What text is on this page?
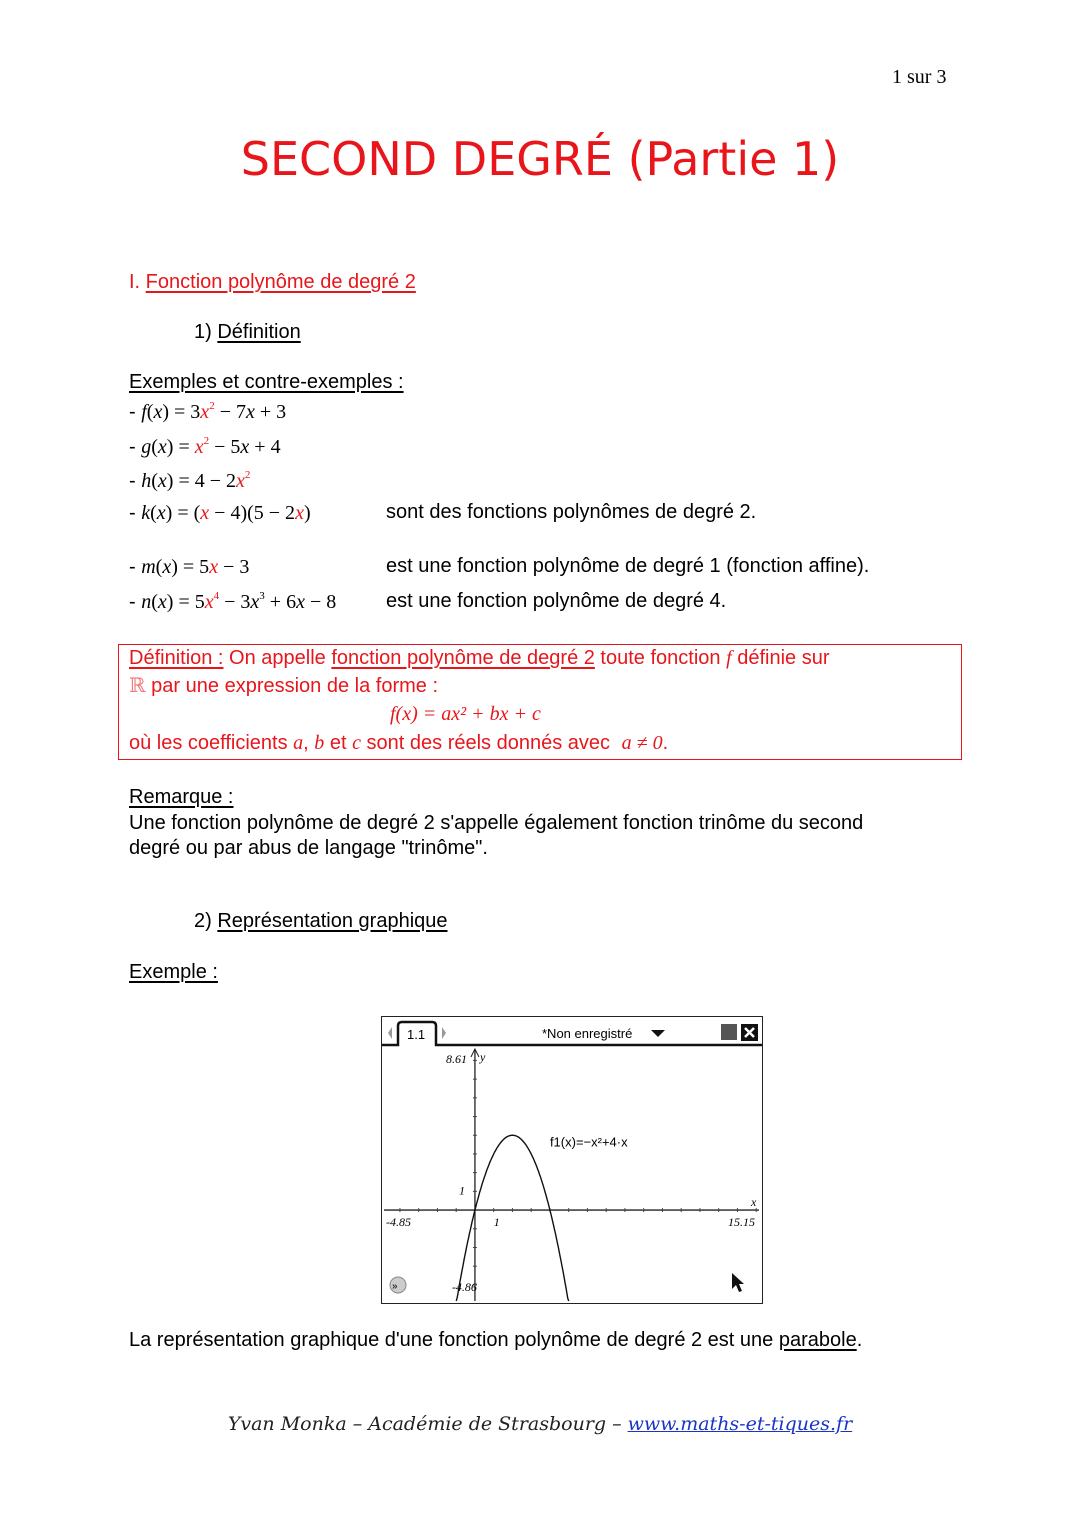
1 sur 3
SECOND DEGRÉ (Partie 1)
I. Fonction polynôme de degré 2
1) Définition
Exemples et contre-exemples :
- $f(x) = 3x^2 - 7x + 3$
- $g(x) = x^2 - 5x + 4$
- $h(x) = 4 - 2x^2$
- k(x) = (x − 4)(5 − 2x)
- m(x) = 5x − 3
- $n(x) = 5x^4 - 3x^3 + 6x - 8$
sont des fonctions polynômes de degré 2.
est une fonction polynôme de degré 1 (fonction affine).
est une fonction polynôme de degré 4.
Définition : On appelle fonction polynôme de degré 2 toute fonction f définie sur
ℝ par une expression de la forme :
f(x) = ax² + bx + c
où les coefficients a, b et c sont des réels donnés avec a ≠ 0.
Remarque :
Une fonction polynôme de degré 2 s'appelle également fonction trinôme du second
degré ou par abus de langage "trinôme".
2) Représentation graphique
Exemple :
1.1	*Non enregistré
8.61
-4.86
-4.85	15.15
1
1
y
x
f1(x)=−x²+4·x
»
La représentation graphique d'une fonction polynôme de degré 2 est une parabole.
Yvan Monka – Académie de Strasbourg – www.maths-et-tiques.fr
